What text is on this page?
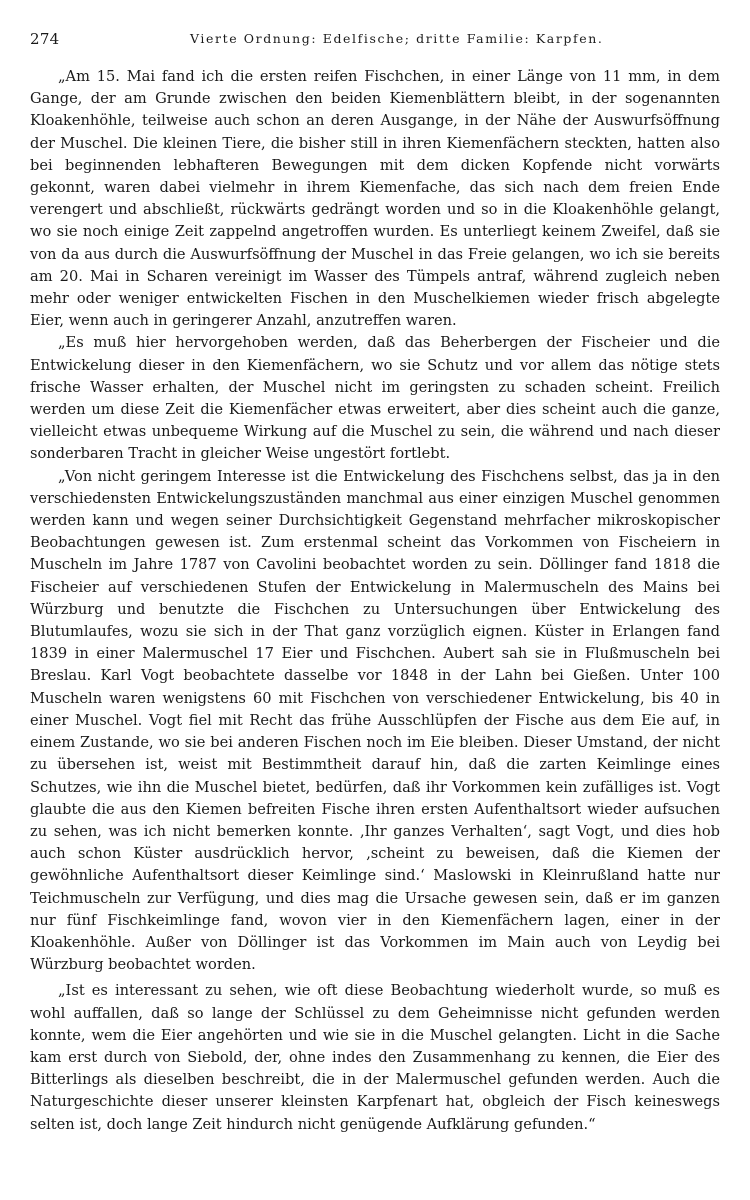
274	Vierte Ordnung: Edelfische; dritte Familie: Karpfen.

„Am 15. Mai fand ich die ersten reifen Fischchen, in einer Länge von 11 mm, in dem Gange, der am Grunde zwischen den beiden Kiemenblättern bleibt, in der sogenannten Kloakenhöhle, teilweise auch schon an deren Ausgange, in der Nähe der Auswurfsöffnung der Muschel. Die kleinen Tiere, die bisher still in ihren Kiemenfächern steckten, hatten also bei beginnenden lebhafteren Bewegungen mit dem dicken Kopfende nicht vorwärts gekonnt, waren dabei vielmehr in ihrem Kiemenfache, das sich nach dem freien Ende verengert und abschließt, rückwärts gedrängt worden und so in die Kloakenhöhle gelangt, wo sie noch einige Zeit zappelnd angetroffen wurden. Es unterliegt keinem Zweifel, daß sie von da aus durch die Auswurfsöffnung der Muschel in das Freie gelangen, wo ich sie bereits am 20. Mai in Scharen vereinigt im Wasser des Tümpels antraf, während zugleich neben mehr oder weniger entwickelten Fischen in den Muschelkiemen wieder frisch abgelegte Eier, wenn auch in geringerer Anzahl, anzutreffen waren.

„Es muß hier hervorgehoben werden, daß das Beherbergen der Fischeier und die Entwickelung dieser in den Kiemenfächern, wo sie Schutz und vor allem das nötige stets frische Wasser erhalten, der Muschel nicht im geringsten zu schaden scheint. Freilich werden um diese Zeit die Kiemenfächer etwas erweitert, aber dies scheint auch die ganze, vielleicht etwas unbequeme Wirkung auf die Muschel zu sein, die während und nach dieser sonderbaren Tracht in gleicher Weise ungestört fortlebt.

„Von nicht geringem Interesse ist die Entwickelung des Fischchens selbst, das ja in den verschiedensten Entwickelungszuständen manchmal aus einer einzigen Muschel genommen werden kann und wegen seiner Durchsichtigkeit Gegenstand mehrfacher mikroskopischer Beobachtungen gewesen ist. Zum erstenmal scheint das Vorkommen von Fischeiern in Muscheln im Jahre 1787 von Cavolini beobachtet worden zu sein. Döllinger fand 1818 die Fischeier auf verschiedenen Stufen der Entwickelung in Malermuscheln des Mains bei Würzburg und benutzte die Fischchen zu Untersuchungen über Entwickelung des Blutumlaufes, wozu sie sich in der That ganz vorzüglich eignen. Küster in Erlangen fand 1839 in einer Malermuschel 17 Eier und Fischchen. Aubert sah sie in Flußmuscheln bei Breslau. Karl Vogt beobachtete dasselbe vor 1848 in der Lahn bei Gießen. Unter 100 Muscheln waren wenigstens 60 mit Fischchen von verschiedener Entwickelung, bis 40 in einer Muschel. Vogt fiel mit Recht das frühe Ausschlüpfen der Fische aus dem Eie auf, in einem Zustande, wo sie bei anderen Fischen noch im Eie bleiben. Dieser Umstand, der nicht zu übersehen ist, weist mit Bestimmtheit darauf hin, daß die zarten Keimlinge eines Schutzes, wie ihn die Muschel bietet, bedürfen, daß ihr Vorkommen kein zufälliges ist. Vogt glaubte die aus den Kiemen befreiten Fische ihren ersten Aufenthaltsort wieder aufsuchen zu sehen, was ich nicht bemerken konnte. ‚Ihr ganzes Verhalten‘, sagt Vogt, und dies hob auch schon Küster ausdrücklich hervor, ‚scheint zu beweisen, daß die Kiemen der gewöhnliche Aufenthaltsort dieser Keimlinge sind.‘ Maslowski in Kleinrußland hatte nur Teichmuscheln zur Verfügung, und dies mag die Ursache gewesen sein, daß er im ganzen nur fünf Fischkeimlinge fand, wovon vier in den Kiemenfächern lagen, einer in der Kloakenhöhle. Außer von Döllinger ist das Vorkommen im Main auch von Leydig bei Würzburg beobachtet worden.

„Ist es interessant zu sehen, wie oft diese Beobachtung wiederholt wurde, so muß es wohl auffallen, daß so lange der Schlüssel zu dem Geheimnisse nicht gefunden werden konnte, wem die Eier angehörten und wie sie in die Muschel gelangten. Licht in die Sache kam erst durch von Siebold, der, ohne indes den Zusammenhang zu kennen, die Eier des Bitterlings als dieselben beschreibt, die in der Malermuschel gefunden werden. Auch die Naturgeschichte dieser unserer kleinsten Karpfenart hat, obgleich der Fisch keineswegs selten ist, doch lange Zeit hindurch nicht genügende Aufklärung gefunden.“
